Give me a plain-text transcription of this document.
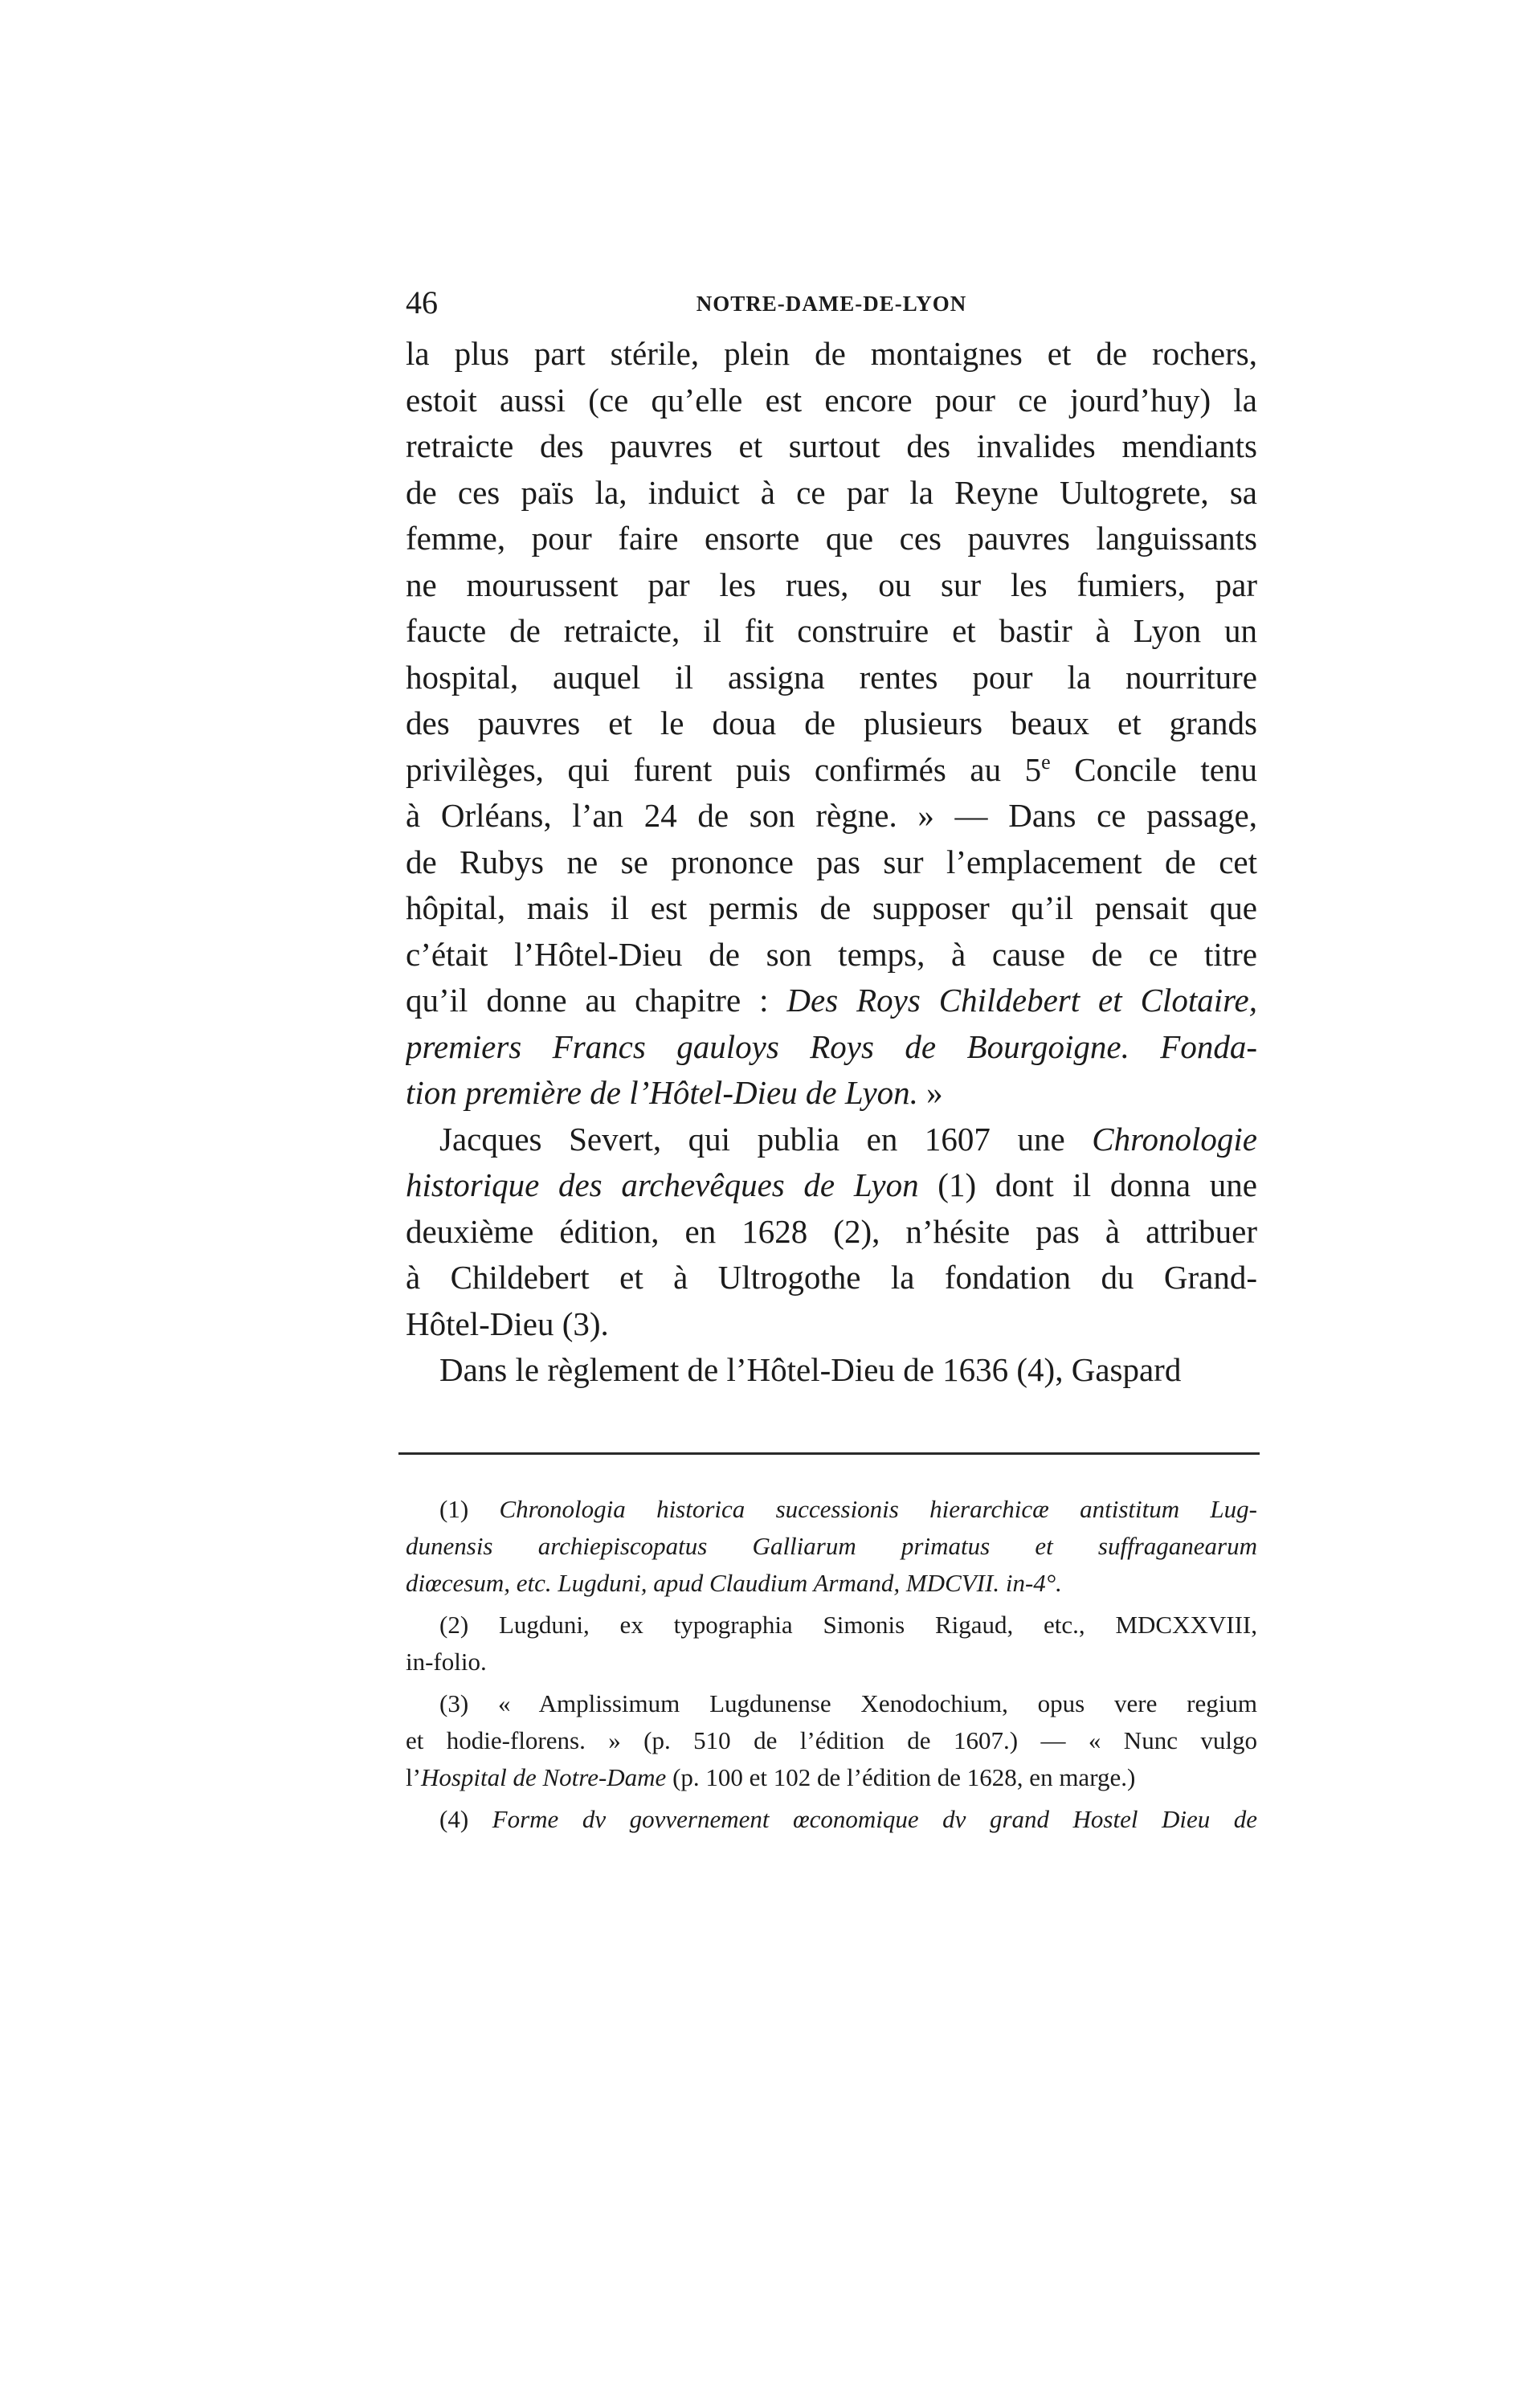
46	NOTRE-DAME-DE-LYON
la plus part stérile, plein de montaignes et de rochers,
estoit aussi (ce qu’elle est encore pour ce jourd’huy) la
retraicte des pauvres et surtout des invalides mendiants
de ces païs la, induict à ce par la Reyne Uultogrete, sa
femme, pour faire ensorte que ces pauvres languissants
ne mourussent par les rues, ou sur les fumiers, par
faucte de retraicte, il fit construire et bastir à Lyon un
hospital, auquel il assigna rentes pour la nourriture
des pauvres et le doua de plusieurs beaux et grands
privilèges, qui furent puis confirmés au 5e Concile tenu
à Orléans, l’an 24 de son règne. » — Dans ce passage,
de Rubys ne se prononce pas sur l’emplacement de cet
hôpital, mais il est permis de supposer qu’il pensait que
c’était l’Hôtel-Dieu de son temps, à cause de ce titre
qu’il donne au chapitre : Des Roys Childebert et Clotaire,
premiers Francs gauloys Roys de Bourgoigne. Fonda-
tion première de l’Hôtel-Dieu de Lyon. »
Jacques Severt, qui publia en 1607 une Chronologie
historique des archevêques de Lyon (1) dont il donna une
deuxième édition, en 1628 (2), n’hésite pas à attribuer
à Childebert et à Ultrogothe la fondation du Grand-
Hôtel-Dieu (3).
Dans le règlement de l’Hôtel-Dieu de 1636 (4), Gaspard
(1) Chronologia historica successionis hierarchicæ antistitum Lug-
dunensis archiepiscopatus Galliarum primatus et suffraganearum
diœcesum, etc. Lugduni, apud Claudium Armand, MDCVII. in-4°.
(2) Lugduni, ex typographia Simonis Rigaud, etc., MDCXXVIII,
in-folio.
(3) « Amplissimum Lugdunense Xenodochium, opus vere regium
et hodie-florens. » (p. 510 de l’édition de 1607.) — « Nunc vulgo
l’Hospital de Notre-Dame (p. 100 et 102 de l’édition de 1628, en marge.)
(4) Forme dv govvernement œconomique dv grand Hostel Dieu de
